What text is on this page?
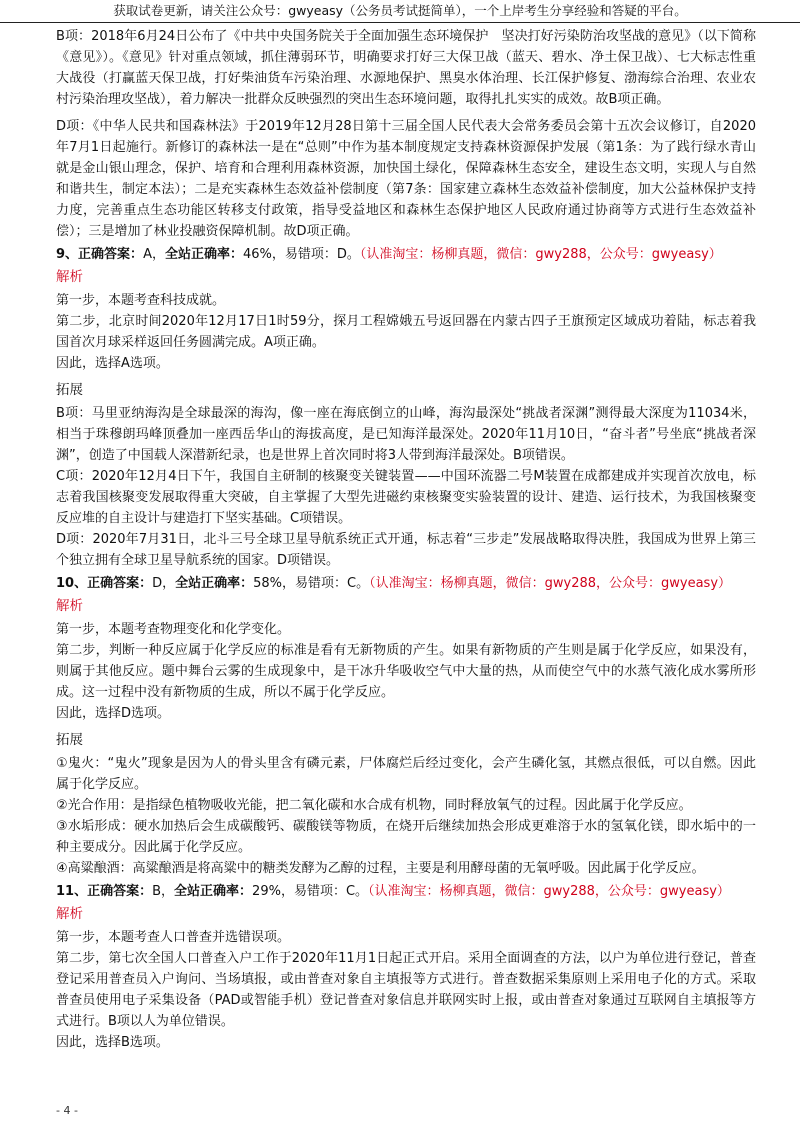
获取试卷更新，请关注公众号：gwyeasy（公务员考试挺简单），一个上岸考生分享经验和答疑的平台。

B项：2018年6月24日公布了《中共中央国务院关于全面加强生态环境保护　坚决打好污染防治攻坚战的意见》（以下简称《意见》）。《意见》针对重点领域，抓住薄弱环节，明确要求打好三大保卫战（蓝天、碧水、净土保卫战）、七大标志性重大战役（打赢蓝天保卫战，打好柴油货车污染治理、水源地保护、黑臭水体治理、长江保护修复、渤海综合治理、农业农村污染治理攻坚战），着力解决一批群众反映强烈的突出生态环境问题，取得扎扎实实的成效。故B项正确。

D项：《中华人民共和国森林法》于2019年12月28日第十三届全国人民代表大会常务委员会第十五次会议修订，自2020年7月1日起施行。新修订的森林法一是在“总则”中作为基本制度规定支持森林资源保护发展（第1条：为了践行绿水青山就是金山银山理念，保护、培育和合理利用森林资源，加快国土绿化，保障森林生态安全，建设生态文明，实现人与自然和谐共生，制定本法）；二是充实森林生态效益补偿制度（第7条：国家建立森林生态效益补偿制度，加大公益林保护支持力度，完善重点生态功能区转移支付政策，指导受益地区和森林生态保护地区人民政府通过协商等方式进行生态效益补偿）；三是增加了林业投融资保障机制。故D项正确。

9、正确答案：A，全站正确率：46%，易错项：D。（认准淘宝：杨柳真题，微信：gwy288，公众号：gwyeasy）
解析

第一步，本题考查科技成就。

第二步，北京时间2020年12月17日1时59分，探月工程嫦娥五号返回器在内蒙古四子王旗预定区域成功着陆，标志着我国首次月球采样返回任务圆满完成。A项正确。

因此，选择A选项。

拓展

B项：马里亚纳海沟是全球最深的海沟，像一座在海底倒立的山峰，海沟最深处“挑战者深渊”测得最大深度为11034米，相当于珠穆朗玛峰顶叠加一座西岳华山的海拔高度，是已知海洋最深处。2020年11月10日，“奋斗者”号坐底“挑战者深渊”，创造了中国载人深潜新纪录，也是世界上首次同时将3人带到海洋最深处。B项错误。

C项：2020年12月4日下午，我国自主研制的核聚变关键装置——中国环流器二号M装置在成都建成并实现首次放电，标志着我国核聚变发展取得重大突破，自主掌握了大型先进磁约束核聚变实验装置的设计、建造、运行技术，为我国核聚变反应堆的自主设计与建造打下坚实基础。C项错误。

D项：2020年7月31日，北斗三号全球卫星导航系统正式开通，标志着“三步走”发展战略取得决胜，我国成为世界上第三个独立拥有全球卫星导航系统的国家。D项错误。

10、正确答案：D，全站正确率：58%，易错项：C。（认准淘宝：杨柳真题，微信：gwy288，公众号：gwyeasy）
解析

第一步，本题考查物理变化和化学变化。

第二步，判断一种反应属于化学反应的标准是看有无新物质的产生。如果有新物质的产生则是属于化学反应，如果没有，则属于其他反应。题中舞台云雾的生成现象中，是干冰升华吸收空气中大量的热，从而使空气中的水蒸气液化成水雾所形成。这一过程中没有新物质的生成，所以不属于化学反应。

因此，选择D选项。

拓展

①鬼火：“鬼火”现象是因为人的骨头里含有磷元素，尸体腐烂后经过变化，会产生磷化氢，其燃点很低，可以自燃。因此属于化学反应。

②光合作用：是指绿色植物吸收光能，把二氧化碳和水合成有机物，同时释放氧气的过程。因此属于化学反应。

③水垢形成：硬水加热后会生成碳酸钙、碳酸镁等物质，在烧开后继续加热会形成更难溶于水的氢氧化镁，即水垢中的一种主要成分。因此属于化学反应。

④高粱酿酒：高粱酿酒是将高粱中的糖类发酵为乙醇的过程，主要是利用酵母菌的无氧呼吸。因此属于化学反应。

11、正确答案：B，全站正确率：29%，易错项：C。（认准淘宝：杨柳真题，微信：gwy288，公众号：gwyeasy）
解析

第一步，本题考查人口普查并选错误项。

第二步，第七次全国人口普查入户工作于2020年11月1日起正式开启。采用全面调查的方法，以户为单位进行登记，普查登记采用普查员入户询问、当场填报，或由普查对象自主填报等方式进行。普查数据采集原则上采用电子化的方式。采取普查员使用电子采集设备（PAD或智能手机）登记普查对象信息并联网实时上报，或由普查对象通过互联网自主填报等方式进行。B项以人为单位错误。

因此，选择B选项。

- 4 -
